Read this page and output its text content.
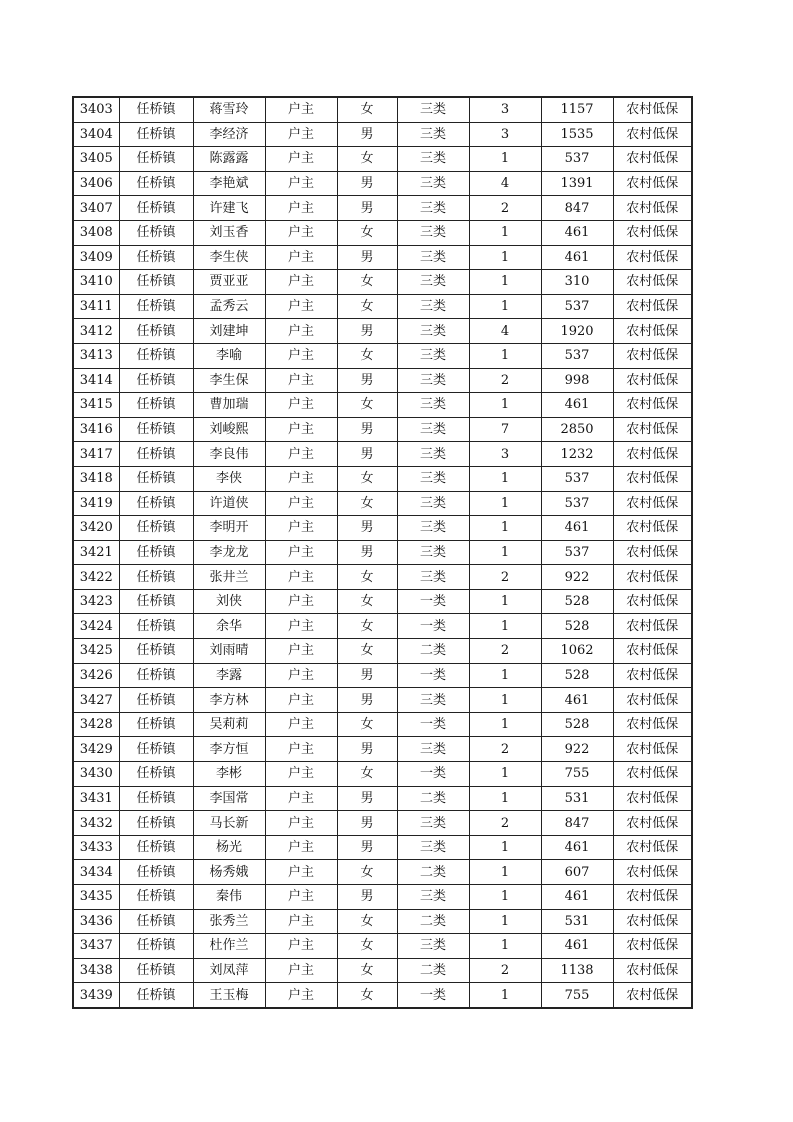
3403	任桥镇	蒋雪玲	户主	女	三类	3	1157	农村低保
3404	任桥镇	李经济	户主	男	三类	3	1535	农村低保
3405	任桥镇	陈露露	户主	女	三类	1	537	农村低保
3406	任桥镇	李艳斌	户主	男	三类	4	1391	农村低保
3407	任桥镇	许建飞	户主	男	三类	2	847	农村低保
3408	任桥镇	刘玉香	户主	女	三类	1	461	农村低保
3409	任桥镇	李生侠	户主	男	三类	1	461	农村低保
3410	任桥镇	贾亚亚	户主	女	三类	1	310	农村低保
3411	任桥镇	孟秀云	户主	女	三类	1	537	农村低保
3412	任桥镇	刘建坤	户主	男	三类	4	1920	农村低保
3413	任桥镇	李喻	户主	女	三类	1	537	农村低保
3414	任桥镇	李生保	户主	男	三类	2	998	农村低保
3415	任桥镇	曹加瑞	户主	女	三类	1	461	农村低保
3416	任桥镇	刘峻熙	户主	男	三类	7	2850	农村低保
3417	任桥镇	李良伟	户主	男	三类	3	1232	农村低保
3418	任桥镇	李侠	户主	女	三类	1	537	农村低保
3419	任桥镇	许道侠	户主	女	三类	1	537	农村低保
3420	任桥镇	李明开	户主	男	三类	1	461	农村低保
3421	任桥镇	李龙龙	户主	男	三类	1	537	农村低保
3422	任桥镇	张井兰	户主	女	三类	2	922	农村低保
3423	任桥镇	刘侠	户主	女	一类	1	528	农村低保
3424	任桥镇	余华	户主	女	一类	1	528	农村低保
3425	任桥镇	刘雨晴	户主	女	二类	2	1062	农村低保
3426	任桥镇	李露	户主	男	一类	1	528	农村低保
3427	任桥镇	李方林	户主	男	三类	1	461	农村低保
3428	任桥镇	吴莉莉	户主	女	一类	1	528	农村低保
3429	任桥镇	李方恒	户主	男	三类	2	922	农村低保
3430	任桥镇	李彬	户主	女	一类	1	755	农村低保
3431	任桥镇	李国常	户主	男	二类	1	531	农村低保
3432	任桥镇	马长新	户主	男	三类	2	847	农村低保
3433	任桥镇	杨光	户主	男	三类	1	461	农村低保
3434	任桥镇	杨秀娥	户主	女	二类	1	607	农村低保
3435	任桥镇	秦伟	户主	男	三类	1	461	农村低保
3436	任桥镇	张秀兰	户主	女	二类	1	531	农村低保
3437	任桥镇	杜作兰	户主	女	三类	1	461	农村低保
3438	任桥镇	刘凤萍	户主	女	二类	2	1138	农村低保
3439	任桥镇	王玉梅	户主	女	一类	1	755	农村低保
